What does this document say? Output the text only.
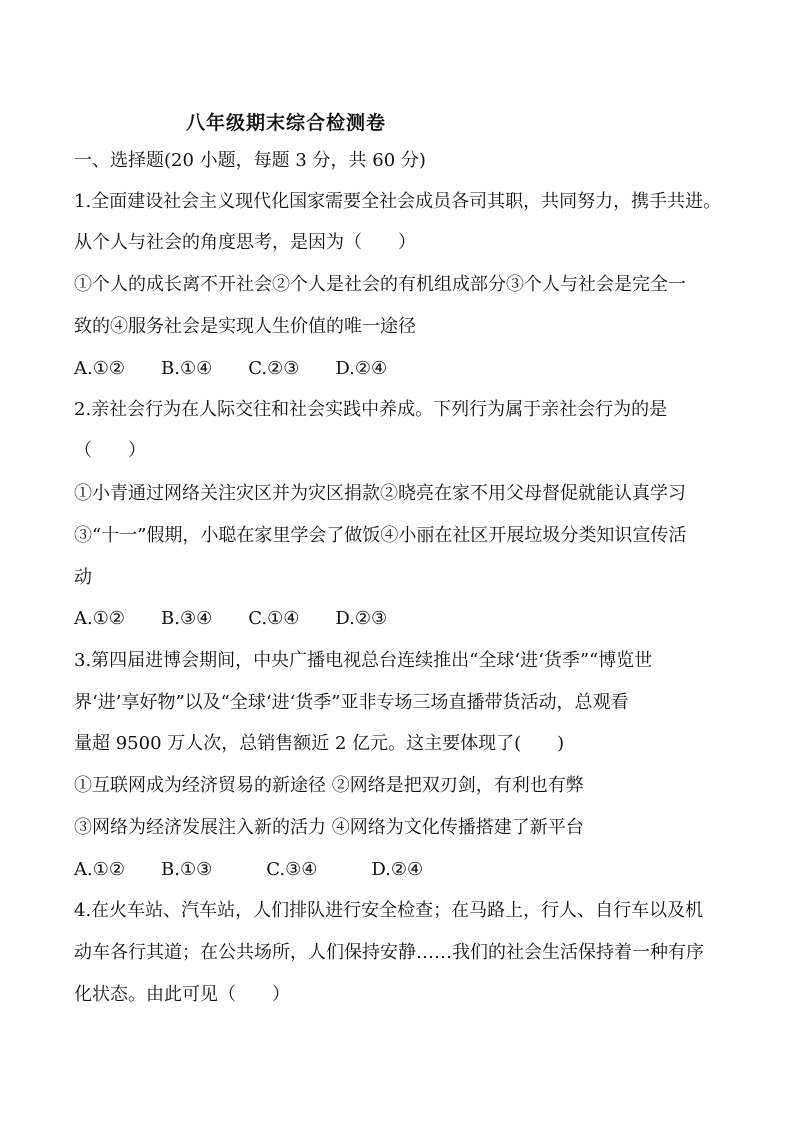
八年级期末综合检测卷
一、选择题(20 小题，每题 3 分，共 60 分)
1.全面建设社会主义现代化国家需要全社会成员各司其职，共同努力，携手共进。
从个人与社会的角度思考，是因为（　　）
①个人的成长离不开社会②个人是社会的有机组成部分③个人与社会是完全一
致的④服务社会是实现人生价值的唯一途径
A.①②　　B.①④　　C.②③　　D.②④
2.亲社会行为在人际交往和社会实践中养成。下列行为属于亲社会行为的是
（　　）
①小青通过网络关注灾区并为灾区捐款②晓亮在家不用父母督促就能认真学习
③“十一”假期，小聪在家里学会了做饭④小丽在社区开展垃圾分类知识宣传活
动
A.①②　　B.③④　　C.①④　　D.②③
3.第四届进博会期间，中央广播电视总台连续推出“全球‘进‘货季”“博览世
界‘进’享好物”以及“全球‘进‘货季”亚非专场三场直播带货活动，总观看
量超 9500 万人次，总销售额近 2 亿元。这主要体现了(　　)
①互联网成为经济贸易的新途径 ②网络是把双刃剑，有利也有弊
③网络为经济发展注入新的活力 ④网络为文化传播搭建了新平台
A.①②　　B.①③　　　C.③④　　　D.②④
4.在火车站、汽车站，人们排队进行安全检查；在马路上，行人、自行车以及机
动车各行其道；在公共场所，人们保持安静……我们的社会生活保持着一种有序
化状态。由此可见（　　）
